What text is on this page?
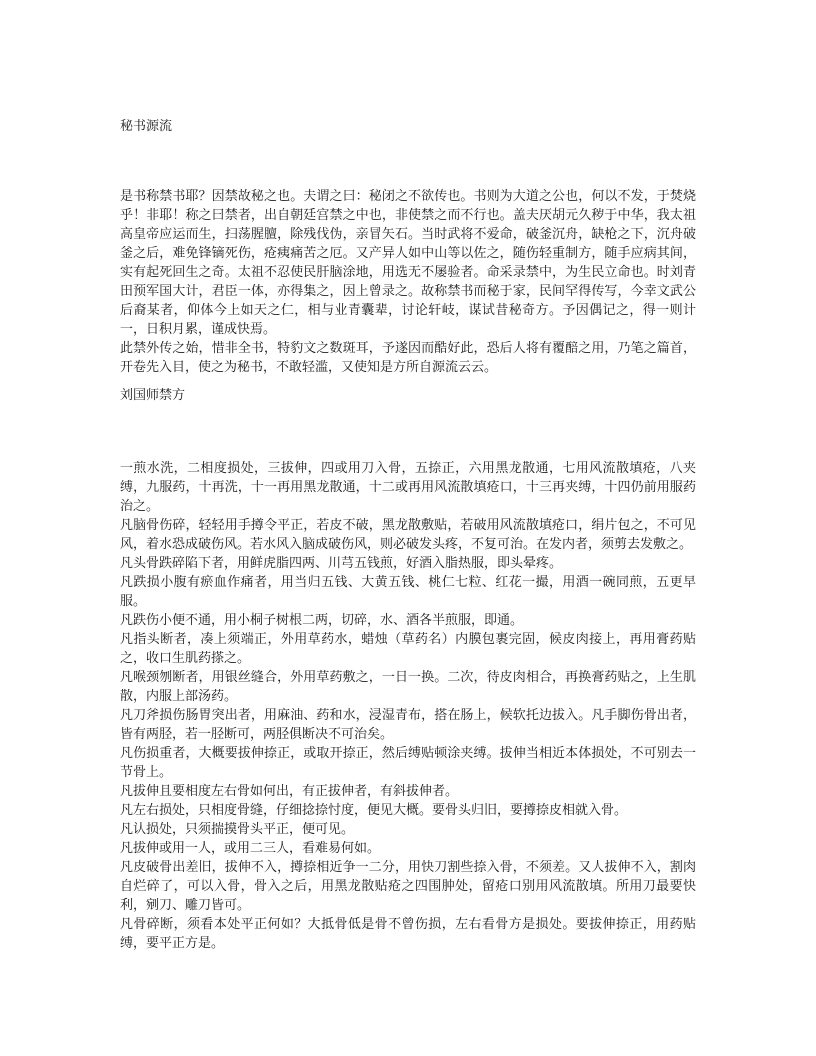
秘书源流

是书称禁书耶？因禁故秘之也。夫谓之曰：秘闭之不欲传也。书则为大道之公也，何以不发，于焚烧乎！非耶！称之曰禁者，出自朝廷宫禁之中也，非使禁之而不行也。盖夫厌胡元久秽于中华，我太祖高皇帝应运而生，扫荡腥膻，除残伐伪，亲冒矢石。当时武将不爱命，破釜沉舟，缺枪之下，沉舟破釜之后，难免锋镝死伤，疮痍痛苦之厄。又产异人如中山等以佐之，随伤轻重制方，随手应病其间，实有起死回生之奇。太祖不忍使民肝脑涂地，用选无不屡验者。命采录禁中，为生民立命也。时刘青田预军国大计，君臣一体，亦得集之，因上曾录之。故称禁书而秘于家，民间罕得传写，今幸文武公后裔某者，仰体今上如天之仁，相与业青囊辈，讨论轩岐，谋试昔秘奇方。予因偶记之，得一则计一，日积月累，谨成快焉。

此禁外传之始，惜非全书，特豹文之数斑耳，予遂因而酷好此，恐后人将有覆醅之用，乃笔之篇首，开卷先入目，使之为秘书，不敢轻滥，又使知是方所自源流云云。

刘国师禁方

一煎水洗，二相度损处，三拔伸，四或用刀入骨，五捺正，六用黑龙散通，七用风流散填疮，八夹缚，九服药，十再洗，十一再用黑龙散通，十二或再用风流散填疮口，十三再夹缚，十四仍前用服药治之。

凡脑骨伤碎，轻轻用手撙令平正，若皮不破，黑龙散敷贴，若破用风流散填疮口，绢片包之，不可见风，着水恐成破伤风。若水风入脑成破伤风，则必破发头疼，不复可治。在发内者，须剪去发敷之。

凡头骨跌碎陷下者，用鲜虎脂四两、川芎五钱煎，好酒入脂热服，即头晕疼。

凡跌损小腹有瘀血作痛者，用当归五钱、大黄五钱、桃仁七粒、红花一撮，用酒一碗同煎，五更早服。

凡跌伤小便不通，用小桐子树根二两，切碎，水、酒各半煎服，即通。

凡指头断者，凑上须端正，外用草药水，蜡烛（草药名）内膜包裹完固，候皮肉接上，再用膏药贴之，收口生肌药搽之。

凡喉颈刎断者，用银丝缝合，外用草药敷之，一日一换。二次，待皮肉相合，再换膏药贴之，上生肌散，内服上部汤药。

凡刀斧损伤肠胃突出者，用麻油、药和水，浸湿青布，搭在肠上，候软托边拔入。凡手脚伤骨出者，皆有两胫，若一胫断可，两胫俱断决不可治矣。

凡伤损重者，大概要拔伸捺正，或取开捺正，然后缚贴顿涂夹缚。拔伸当相近本体损处，不可别去一节骨上。

凡拔伸且要相度左右骨如何出，有正拔伸者，有斜拔伸者。

凡左右损处，只相度骨缝，仔细捻捺忖度，便见大概。要骨头归旧，要撙捺皮相就入骨。

凡认损处，只须揣摸骨头平正，便可见。

凡拔伸或用一人，或用二三人，看难易何如。

凡皮破骨出差旧，拔伸不入，撙捺相近争一二分，用快刀割些捺入骨，不须差。又人拔伸不入，割肉自烂碎了，可以入骨，骨入之后，用黑龙散贴疮之四围肿处，留疮口别用风流散填。所用刀最要快利，剜刀、雕刀皆可。

凡骨碎断，须看本处平正何如？大抵骨低是骨不曾伤损，左右看骨方是损处。要拔伸捺正，用药贴缚，要平正方是。
